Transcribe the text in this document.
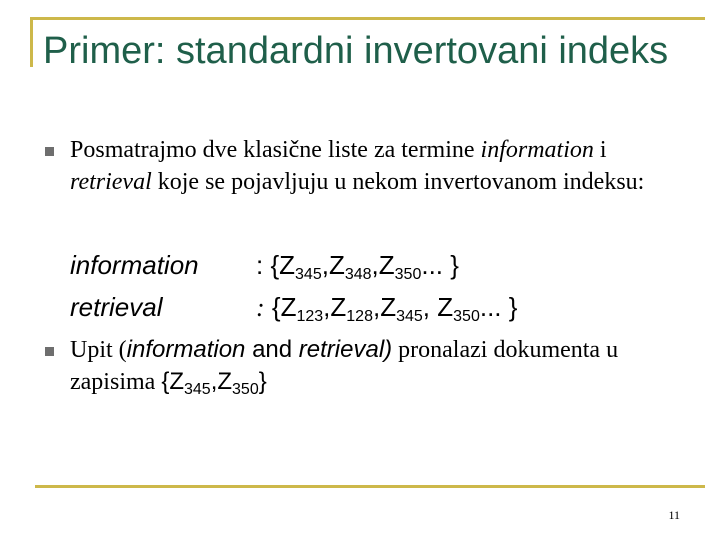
Primer: standardni invertovani indeks
Posmatrajmo dve klasične liste za termine information i retrieval koje se pojavljuju u nekom invertovanom indeksu:
information : {$Z_{345},Z_{348},Z_{350}$... }
retrieval	: {$Z_{123},Z_{128},Z_{345}$, $Z_{350}$... }
Upit (information and retrieval) pronalazi dokumenta u zapisima $\{Z_{345},Z_{350}\}$
11
